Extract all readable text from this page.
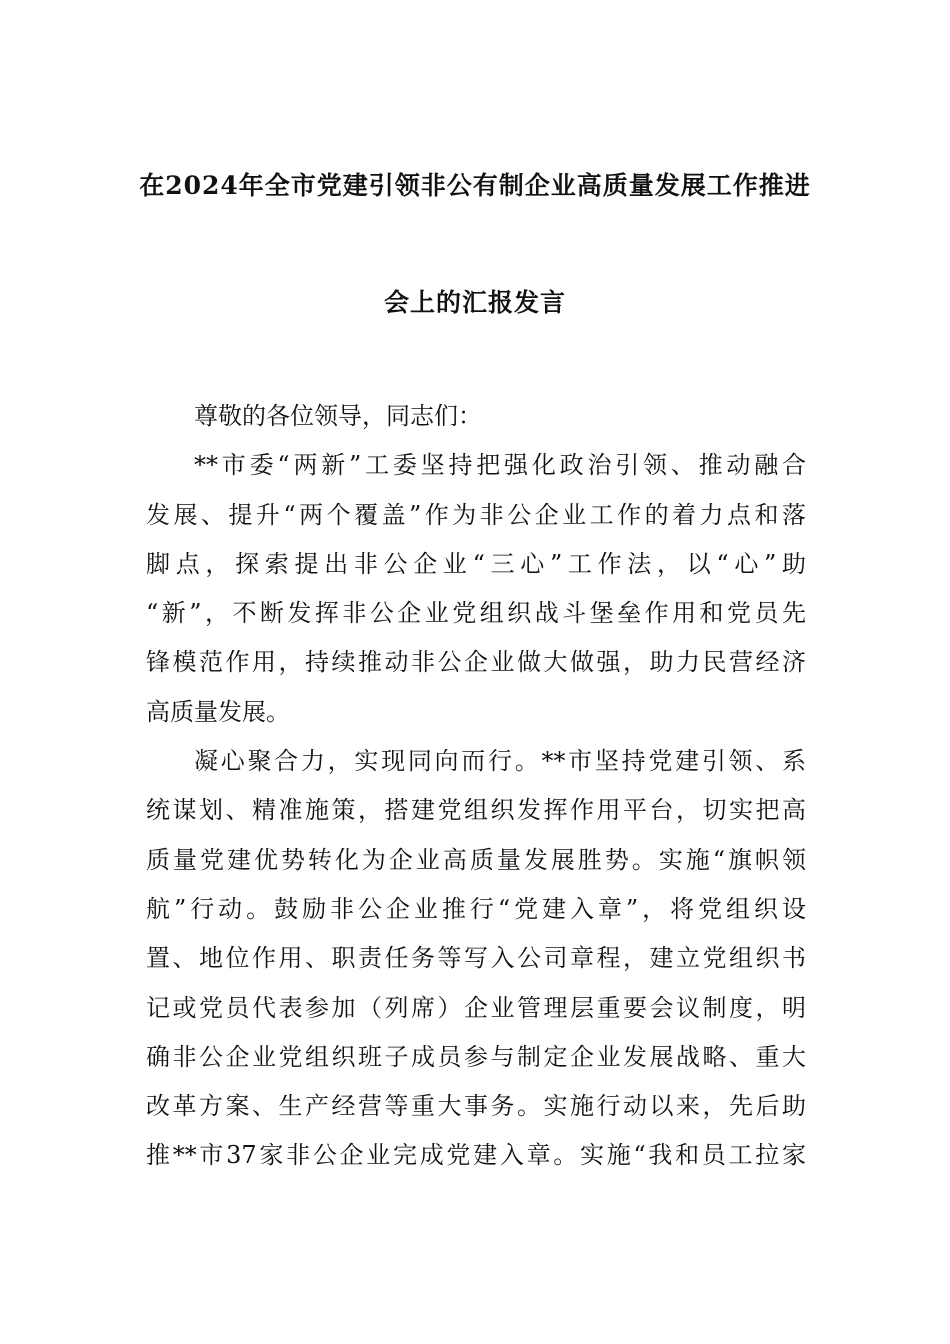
在2024年全市党建引领非公有制企业高质量发展工作推进
会上的汇报发言
尊敬的各位领导，同志们：
**市委“两新”工委坚持把强化政治引领、推动融合
发展、提升“两个覆盖”作为非公企业工作的着力点和落
脚点，探索提出非公企业“三心”工作法，以“心”助
“新”，不断发挥非公企业党组织战斗堡垒作用和党员先
锋模范作用，持续推动非公企业做大做强，助力民营经济
高质量发展。
凝心聚合力，实现同向而行。**市坚持党建引领、系
统谋划、精准施策，搭建党组织发挥作用平台，切实把高
质量党建优势转化为企业高质量发展胜势。实施“旗帜领
航”行动。鼓励非公企业推行“党建入章”，将党组织设
置、地位作用、职责任务等写入公司章程，建立党组织书
记或党员代表参加（列席）企业管理层重要会议制度，明
确非公企业党组织班子成员参与制定企业发展战略、重大
改革方案、生产经营等重大事务。实施行动以来，先后助
推**市37家非公企业完成党建入章。实施“我和员工拉家
